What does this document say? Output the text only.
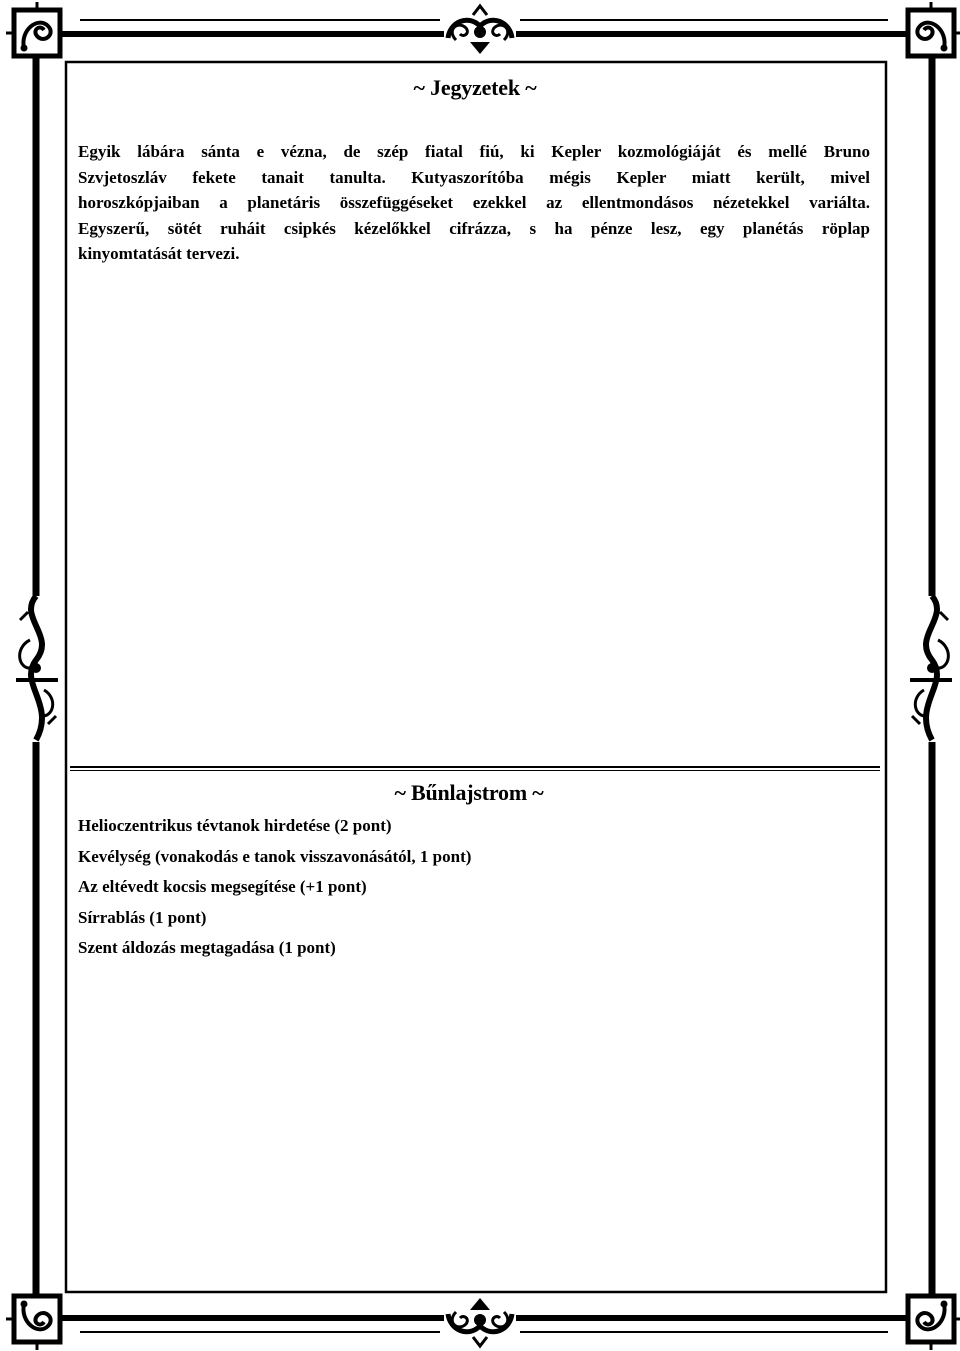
~ Jegyzetek ~
Egyik lábára sánta e vézna, de szép fiatal fiú, ki Kepler kozmológiáját és mellé Bruno
Szvjetoszláv fekete tanait tanulta. Kutyaszorítóba mégis Kepler miatt került, mivel
horoszkópjaiban a planetáris összefüggéseket ezekkel az ellentmondásos nézetekkel variálta.
Egyszerű, sötét ruháit csipkés kézelőkkel cifrázza, s ha pénze lesz, egy planétás röplap
kinyomtatását tervezi.
~ Bűnlajstrom ~
Helioczentrikus tévtanok hirdetése (2 pont)
Kevélység (vonakodás e tanok visszavonásától, 1 pont)
Az eltévedt kocsis megsegítése (+1 pont)
Sírrablás (1 pont)
Szent áldozás megtagadása (1 pont)
